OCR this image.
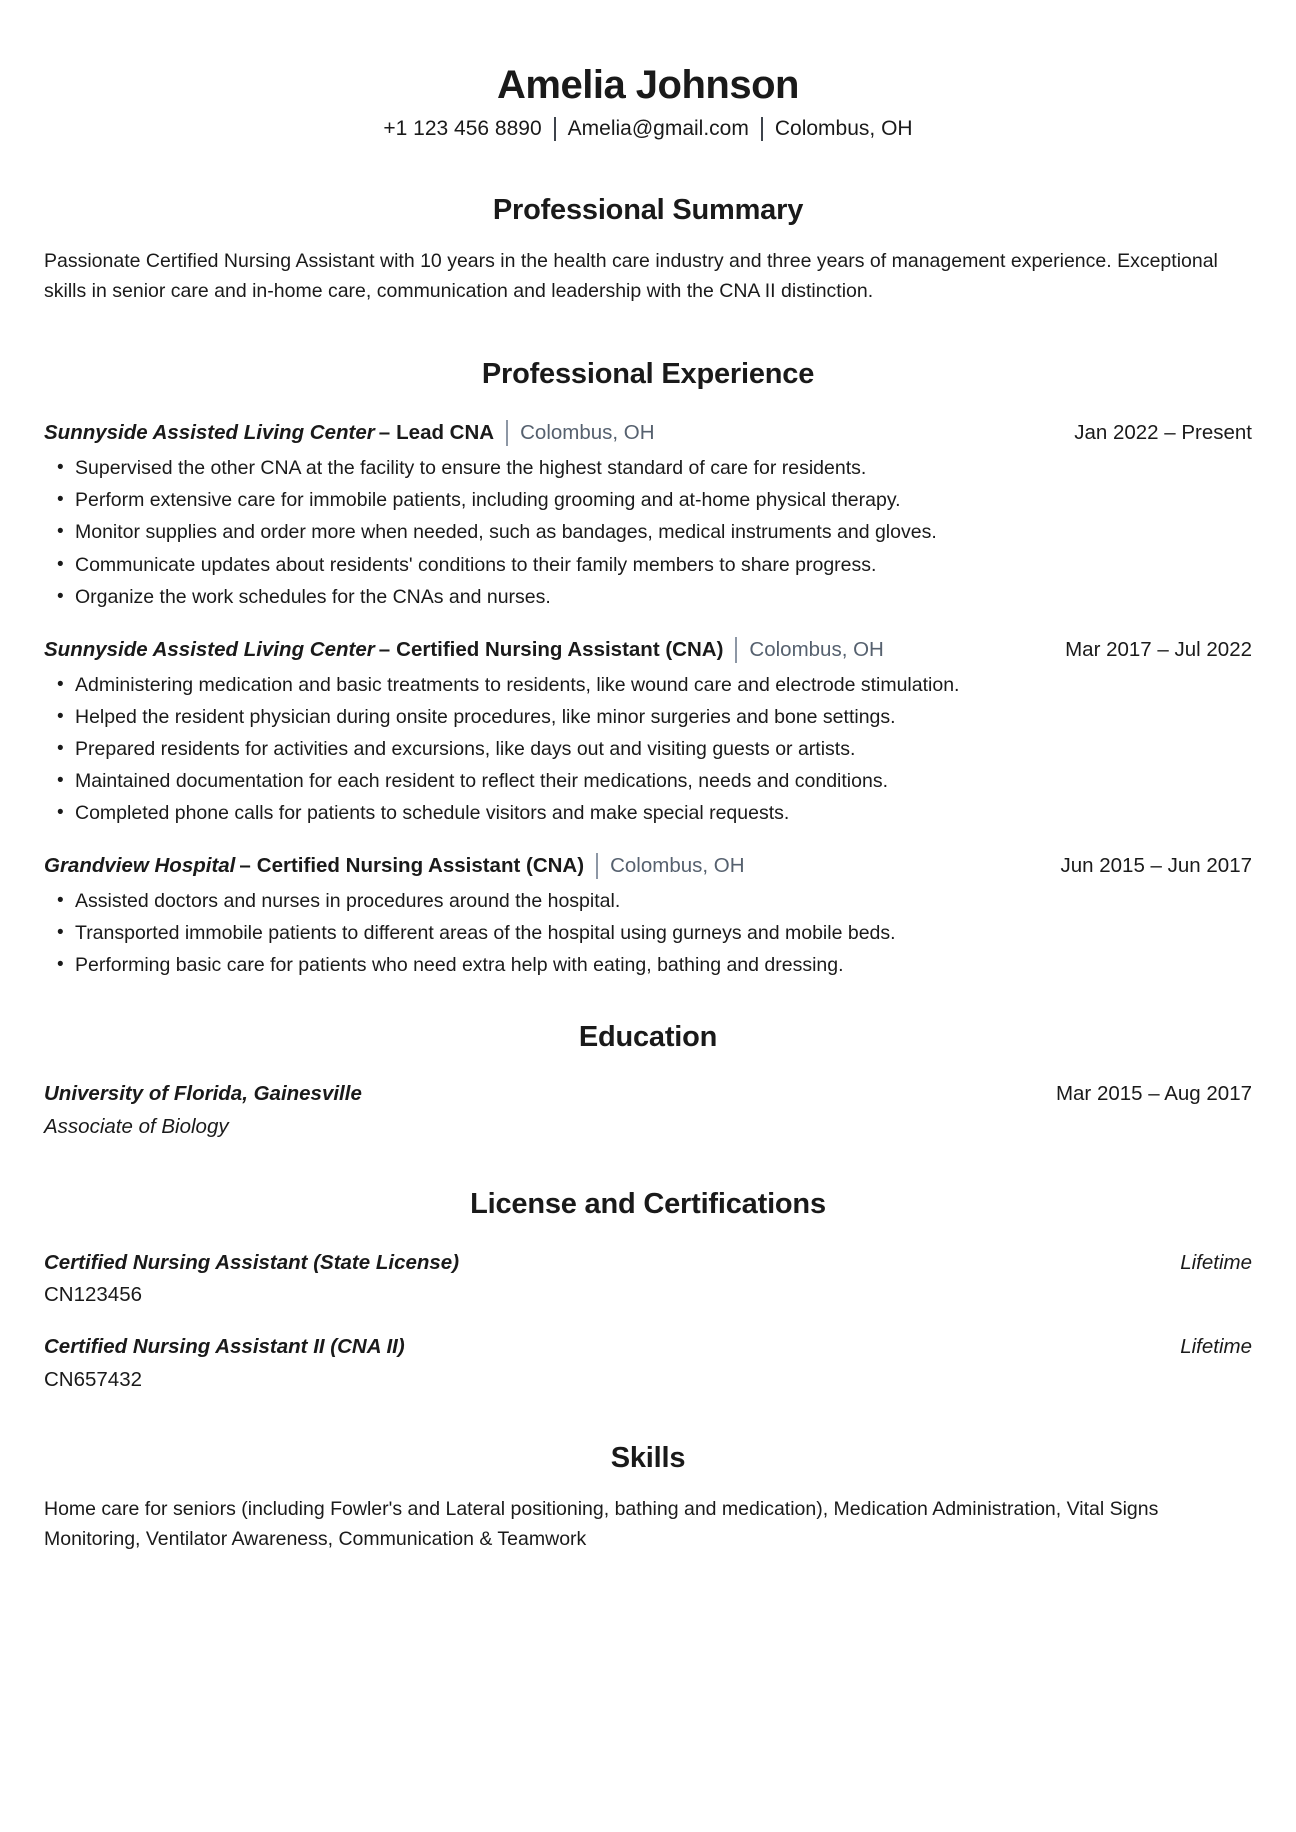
Amelia Johnson
+1 123 456 8890 Amelia@gmail.com Colombus, OH
Professional Summary

Passionate Certified Nursing Assistant with 10 years in the health care industry and three years of management experience. Exceptional skills in senior care and in-home care, communication and leadership with the CNA II distinction.

Professional Experience
Sunnyside Assisted Living Center – Lead CNA Colombus, OH	Jan 2022 – Present
• Supervised the other CNA at the facility to ensure the highest standard of care for residents.
• Perform extensive care for immobile patients, including grooming and at-home physical therapy.
• Monitor supplies and order more when needed, such as bandages, medical instruments and gloves.
• Communicate updates about residents' conditions to their family members to share progress.
• Organize the work schedules for the CNAs and nurses.
Sunnyside Assisted Living Center – Certified Nursing Assistant (CNA) Colombus, OH	Mar 2017 – Jul 2022
• Administering medication and basic treatments to residents, like wound care and electrode stimulation.
• Helped the resident physician during onsite procedures, like minor surgeries and bone settings.
• Prepared residents for activities and excursions, like days out and visiting guests or artists.
• Maintained documentation for each resident to reflect their medications, needs and conditions.
• Completed phone calls for patients to schedule visitors and make special requests.
Grandview Hospital – Certified Nursing Assistant (CNA) Colombus, OH	Jun 2015 – Jun 2017
• Assisted doctors and nurses in procedures around the hospital.
• Transported immobile patients to different areas of the hospital using gurneys and mobile beds.
• Performing basic care for patients who need extra help with eating, bathing and dressing.
Education
University of Florida, Gainesville	Mar 2015 – Aug 2017
Associate of Biology
License and Certifications
Certified Nursing Assistant (State License)	Lifetime
CN123456
Certified Nursing Assistant II (CNA II)	Lifetime
CN657432
Skills

Home care for seniors (including Fowler's and Lateral positioning, bathing and medication), Medication Administration, Vital Signs Monitoring, Ventilator Awareness, Communication & Teamwork
